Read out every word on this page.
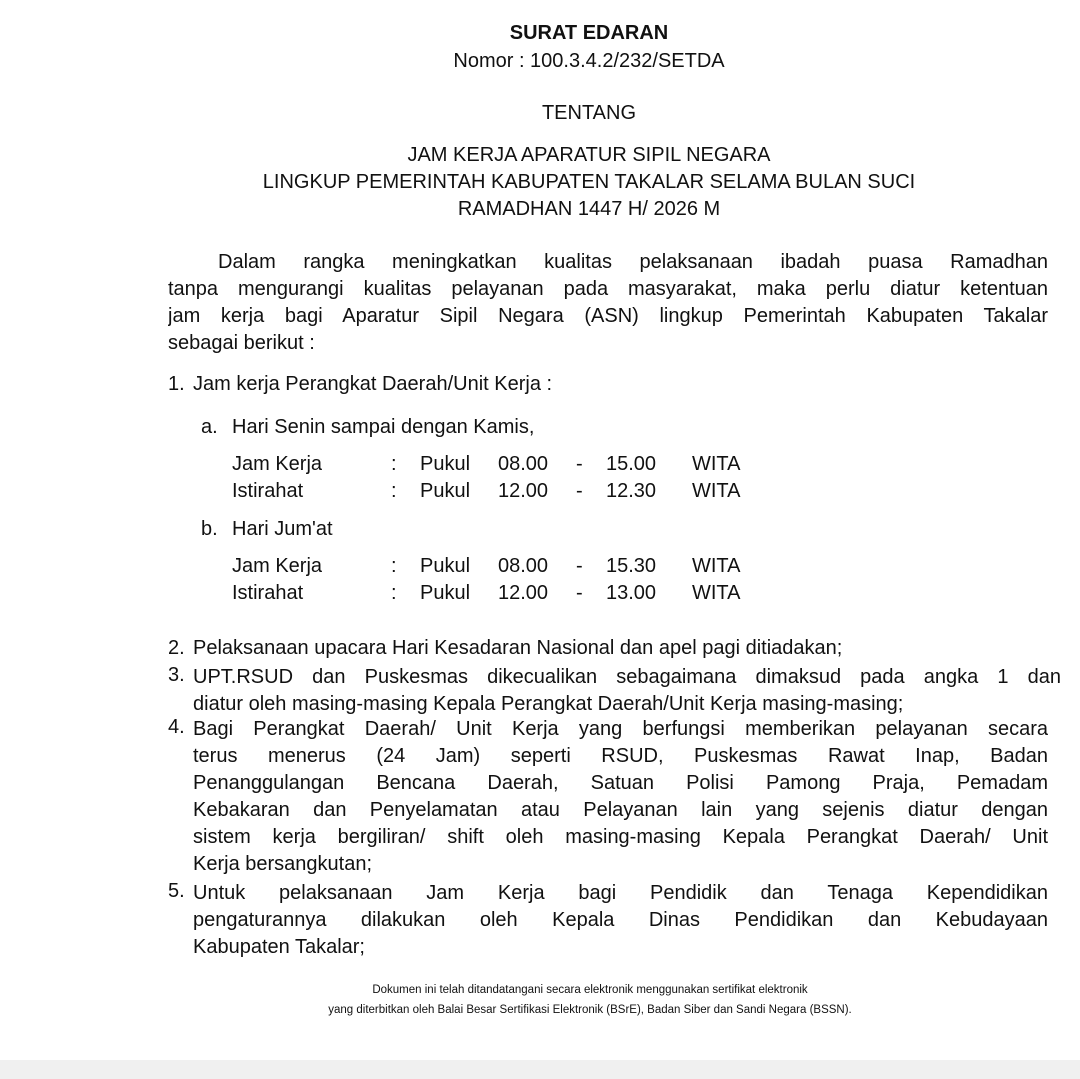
SURAT EDARAN
Nomor : 100.3.4.2/232/SETDA
TENTANG
JAM KERJA APARATUR SIPIL NEGARA
LINGKUP PEMERINTAH KABUPATEN TAKALAR SELAMA BULAN SUCI
RAMADHAN 1447 H/ 2026 M
Dalam rangka meningkatkan kualitas pelaksanaan ibadah puasa Ramadhan
tanpa mengurangi kualitas pelayanan pada masyarakat, maka perlu diatur ketentuan
jam kerja bagi Aparatur Sipil Negara (ASN) lingkup Pemerintah Kabupaten Takalar
sebagai berikut :
1. Jam kerja Perangkat Daerah/Unit Kerja :
a. Hari Senin sampai dengan Kamis,
Jam Kerja	: Pukul 08.00 - 15.00 WITA
Istirahat	: Pukul 12.00 - 12.30 WITA
b. Hari Jum'at
Jam Kerja	: Pukul 08.00 - 15.30 WITA
Istirahat	: Pukul 12.00 - 13.00 WITA
2. Pelaksanaan upacara Hari Kesadaran Nasional dan apel pagi ditiadakan;
3. UPT.RSUD dan Puskesmas dikecualikan sebagaimana dimaksud pada angka 1 dan
diatur oleh masing-masing Kepala Perangkat Daerah/Unit Kerja masing-masing;
4. Bagi Perangkat Daerah/ Unit Kerja yang berfungsi memberikan pelayanan secara
terus menerus (24 Jam) seperti RSUD, Puskesmas Rawat Inap, Badan
Penanggulangan Bencana Daerah, Satuan Polisi Pamong Praja, Pemadam
Kebakaran dan Penyelamatan atau Pelayanan lain yang sejenis diatur dengan
sistem kerja bergiliran/ shift oleh masing-masing Kepala Perangkat Daerah/ Unit
Kerja bersangkutan;
5. Untuk pelaksanaan Jam Kerja bagi Pendidik dan Tenaga Kependidikan
pengaturannya dilakukan oleh Kepala Dinas Pendidikan dan Kebudayaan
Kabupaten Takalar;
Dokumen ini telah ditandatangani secara elektronik menggunakan sertifikat elektronik
yang diterbitkan oleh Balai Besar Sertifikasi Elektronik (BSrE), Badan Siber dan Sandi Negara (BSSN).
